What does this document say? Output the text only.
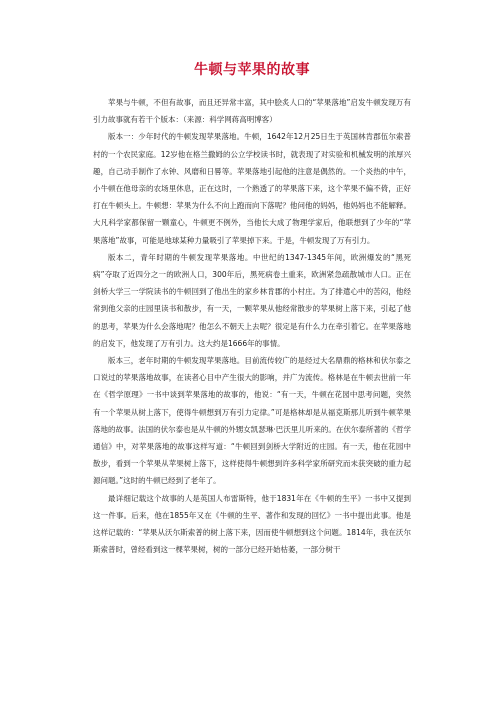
牛顿与苹果的故事

苹果与牛顿，不但有故事，而且还异常丰富，其中脍炙人口的“苹果落地”启发牛顿发现万有引力故事就有若干个版本：（来源：科学网蒋高明博客）

版本一：少年时代的牛顿发现苹果落地。牛顿，1642年12月25日生于英国林肯郡伍尔索普村的一个农民家庭。12岁他在格兰撒姆的公立学校读书时，就表现了对实验和机械发明的浓厚兴趣，自己动手制作了水钟、风磨和日晷等。苹果落地引起他的注意是偶然的。一个炎热的中午，小牛顿在他母亲的农场里休息，正在这时，一个熟透了的苹果落下来，这个苹果不偏不倚，正好打在牛顿头上。牛顿想：苹果为什么不向上跑而向下落呢？他问他的妈妈，他妈妈也不能解释。大凡科学家都保留一颗童心，牛顿更不例外，当他长大成了物理学家后，他联想到了少年的“苹果落地”故事，可能是地球某种力量吸引了苹果掉下来。于是，牛顿发现了万有引力。

版本二，青年时期的牛顿发现苹果落地。中世纪的1347-1345年间，欧洲爆发的“黑死病”夺取了近四分之一的欧洲人口，300年后，黑死病卷土重来，欧洲紧急疏散城市人口。正在剑桥大学三一学院读书的牛顿回到了他出生的家乡林肯郡的小村庄。为了排遣心中的苦闷，他经常到他父亲的庄园里读书和散步，有一天，一颗苹果从他经常散步的苹果树上落下来，引起了他的思考，苹果为什么会落地呢？他怎么不朝天上去呢？很定是有什么力在牵引着它。在苹果落地的启发下，他发现了万有引力。这大约是1666年的事情。

版本三，老年时期的牛顿发现苹果落地。目前流传较广的是经过大名鼎鼎的格林和伏尔泰之口说过的苹果落地故事，在读者心目中产生很大的影响，并广为流传。格林是在牛顿去世前一年在《哲学原理》一书中谈到苹果落地的故事的，他说：“有一天，牛顿在花园中思考问题，突然有一个苹果从树上落下，使得牛顿想到万有引力定律。”可是格林却是从福克斯那儿听到牛顿苹果落地的故事。法国的伏尔泰也是从牛顿的外甥女凯瑟琳·巴沃里儿听来的。在伏尔泰所著的《哲学通信》中，对苹果落地的故事这样写道：“牛顿回到剑桥大学附近的庄园。有一天，他在花园中散步，看到一个苹果从苹果树上落下，这样使得牛顿想到许多科学家所研究而未获突破的重力起源问题。”这时的牛顿已经到了老年了。

最详细记载这个故事的人是英国人布雷斯特，他于1831年在《牛顿的生平》一书中又提到这一件事。后来，他在1855年又在《牛顿的生平、著作和发现的回忆》一书中提出此事。他是这样记载的：“苹果从沃尔斯索普的树上落下来，因而使牛顿想到这个问题。1814年，我在沃尔斯索普时，曾经看到这一棵苹果树，树的一部分已经开始枯萎，一部分树干
